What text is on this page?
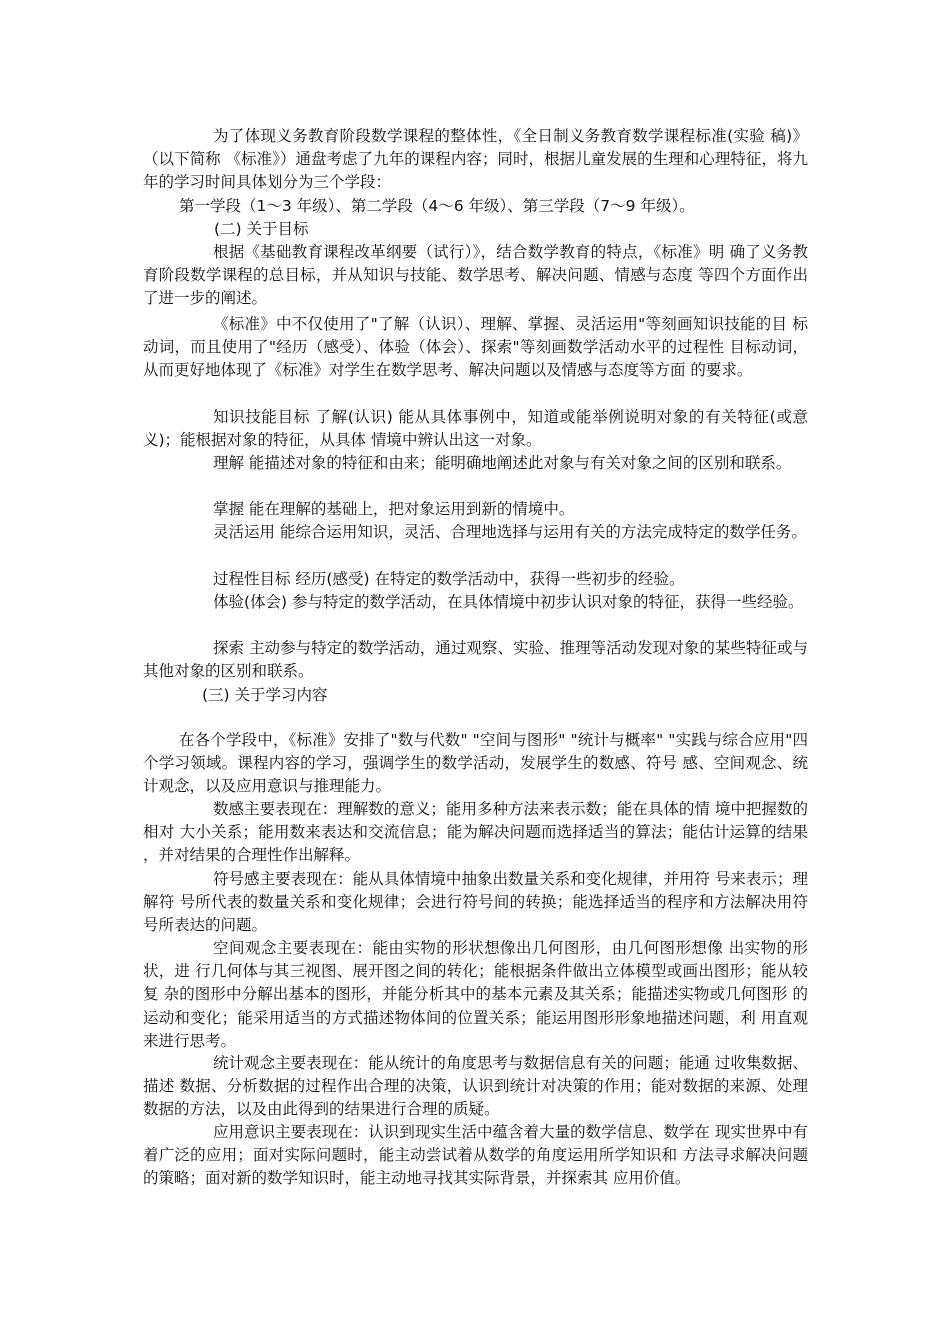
为了体现义务教育阶段数学课程的整体性，《全日制义务教育数学课程标准(实验 稿)》（以下简称 《标准》）通盘考虑了九年的课程内容；同时，根据儿童发展的生理和心理特征，将九年的学习时间具体划分为三个学段：

第一学段（1～3 年级）、第二学段（4～6 年级）、第三学段（7～9 年级）。

(二) 关于目标

根据《基础教育课程改革纲要（试行）》，结合数学教育的特点，《标准》明 确了义务教育阶段数学课程的总目标，并从知识与技能、数学思考、解决问题、情感与态度 等四个方面作出了进一步的阐述。

《标准》中不仅使用了"了解（认识）、理解、掌握、灵活运用"等刻画知识技能的目 标动词，而且使用了"经历（感受）、体验（体会）、探索"等刻画数学活动水平的过程性 目标动词，从而更好地体现了《标准》对学生在数学思考、解决问题以及情感与态度等方面 的要求。

知识技能目标 了解(认识) 能从具体事例中，知道或能举例说明对象的有关特征(或意义)；能根据对象的特征，从具体 情境中辨认出这一对象。

理解 能描述对象的特征和由来；能明确地阐述此对象与有关对象之间的区别和联系。

掌握 能在理解的基础上，把对象运用到新的情境中。

灵活运用 能综合运用知识，灵活、合理地选择与运用有关的方法完成特定的数学任务。

过程性目标 经历(感受) 在特定的数学活动中，获得一些初步的经验。

体验(体会) 参与特定的数学活动，在具体情境中初步认识对象的特征，获得一些经验。

探索 主动参与特定的数学活动，通过观察、实验、推理等活动发现对象的某些特征或与其他对象的区别和联系。

(三) 关于学习内容

在各个学段中，《标准》安排了"数与代数" "空间与图形" "统计与概率" "实践与综合应用"四个学习领域。课程内容的学习，强调学生的数学活动，发展学生的数感、符号 感、空间观念、统计观念，以及应用意识与推理能力。

数感主要表现在：理解数的意义；能用多种方法来表示数；能在具体的情 境中把握数的相对 大小关系；能用数来表达和交流信息；能为解决问题而选择适当的算法；能估计运算的结果 ，并对结果的合理性作出解释。

符号感主要表现在：能从具体情境中抽象出数量关系和变化规律，并用符 号来表示；理解符 号所代表的数量关系和变化规律；会进行符号间的转换；能选择适当的程序和方法解决用符 号所表达的问题。

空间观念主要表现在：能由实物的形状想像出几何图形，由几何图形想像 出实物的形状，进 行几何体与其三视图、展开图之间的转化；能根据条件做出立体模型或画出图形；能从较复 杂的图形中分解出基本的图形，并能分析其中的基本元素及其关系；能描述实物或几何图形 的运动和变化；能采用适当的方式描述物体间的位置关系；能运用图形形象地描述问题，利 用直观来进行思考。

统计观念主要表现在：能从统计的角度思考与数据信息有关的问题；能通 过收集数据、描述 数据、分析数据的过程作出合理的决策，认识到统计对决策的作用；能对数据的来源、处理 数据的方法，以及由此得到的结果进行合理的质疑。

应用意识主要表现在：认识到现实生活中蕴含着大量的数学信息、数学在 现实世界中有着广泛的应用；面对实际问题时，能主动尝试着从数学的角度运用所学知识和 方法寻求解决问题的策略；面对新的数学知识时，能主动地寻找其实际背景，并探索其 应用价值。
